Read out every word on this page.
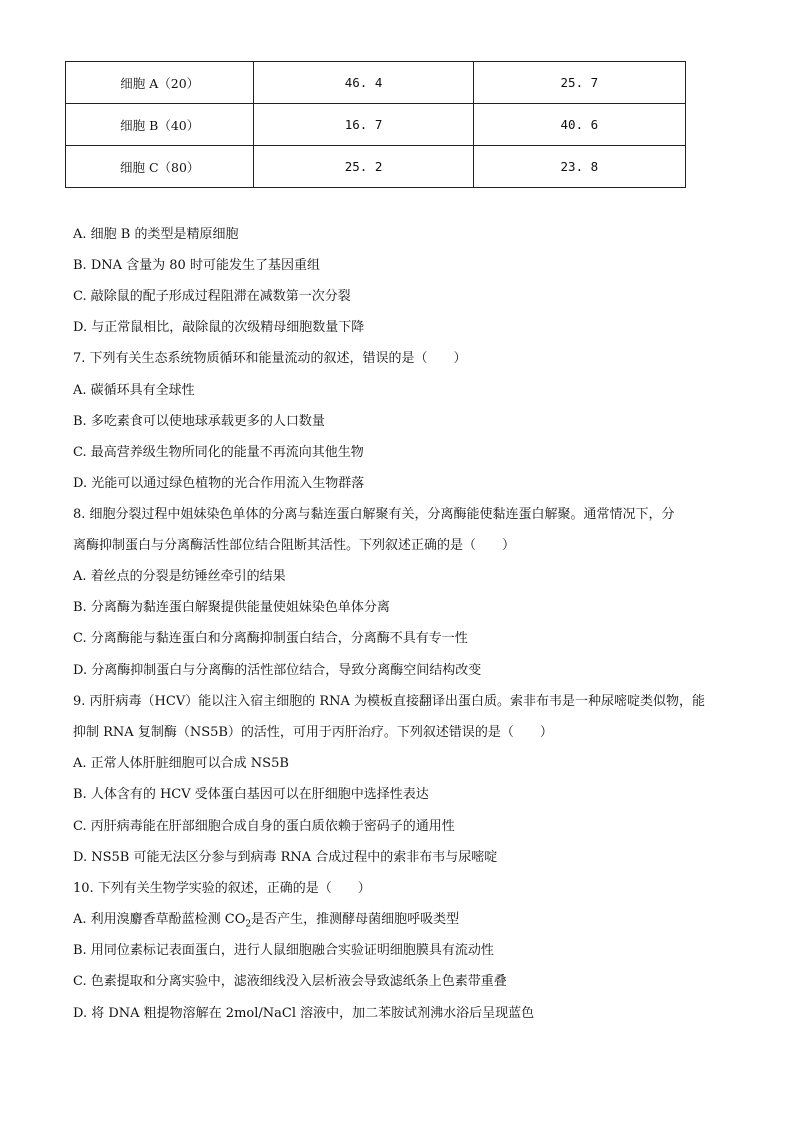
细胞 A（20）	46. 4	25. 7
细胞 B（40）	16. 7	40. 6
细胞 C（80）	25. 2	23. 8
A. 细胞 B 的类型是精原细胞
B. DNA 含量为 80 时可能发生了基因重组
C. 敲除鼠的配子形成过程阻滞在减数第一次分裂
D. 与正常鼠相比，敲除鼠的次级精母细胞数量下降
7. 下列有关生态系统物质循环和能量流动的叙述，错误的是（　　）
A. 碳循环具有全球性
B. 多吃素食可以使地球承载更多的人口数量
C. 最高营养级生物所同化的能量不再流向其他生物
D. 光能可以通过绿色植物的光合作用流入生物群落
8. 细胞分裂过程中姐妹染色单体的分离与黏连蛋白解聚有关，分离酶能使黏连蛋白解聚。通常情况下，分
离酶抑制蛋白与分离酶活性部位结合阻断其活性。下列叙述正确的是（　　）
A. 着丝点的分裂是纺锤丝牵引的结果
B. 分离酶为黏连蛋白解聚提供能量使姐妹染色单体分离
C. 分离酶能与黏连蛋白和分离酶抑制蛋白结合，分离酶不具有专一性
D. 分离酶抑制蛋白与分离酶的活性部位结合，导致分离酶空间结构改变
9. 丙肝病毒（HCV）能以注入宿主细胞的 RNA 为模板直接翻译出蛋白质。索非布韦是一种尿嘧啶类似物，能
抑制 RNA 复制酶（NS5B）的活性，可用于丙肝治疗。下列叙述错误的是（　　）
A. 正常人体肝脏细胞可以合成 NS5B
B. 人体含有的 HCV 受体蛋白基因可以在肝细胞中选择性表达
C. 丙肝病毒能在肝部细胞合成自身的蛋白质依赖于密码子的通用性
D. NS5B 可能无法区分参与到病毒 RNA 合成过程中的索非布韦与尿嘧啶
10. 下列有关生物学实验的叙述，正确的是（　　）
A. 利用溴麝香草酚蓝检测 $CO_2$是否产生，推测酵母菌细胞呼吸类型
B. 用同位素标记表面蛋白，进行人鼠细胞融合实验证明细胞膜具有流动性
C. 色素提取和分离实验中，滤液细线没入层析液会导致滤纸条上色素带重叠
D. 将 DNA 粗提物溶解在 2mol/NaCl 溶液中，加二苯胺试剂沸水浴后呈现蓝色
